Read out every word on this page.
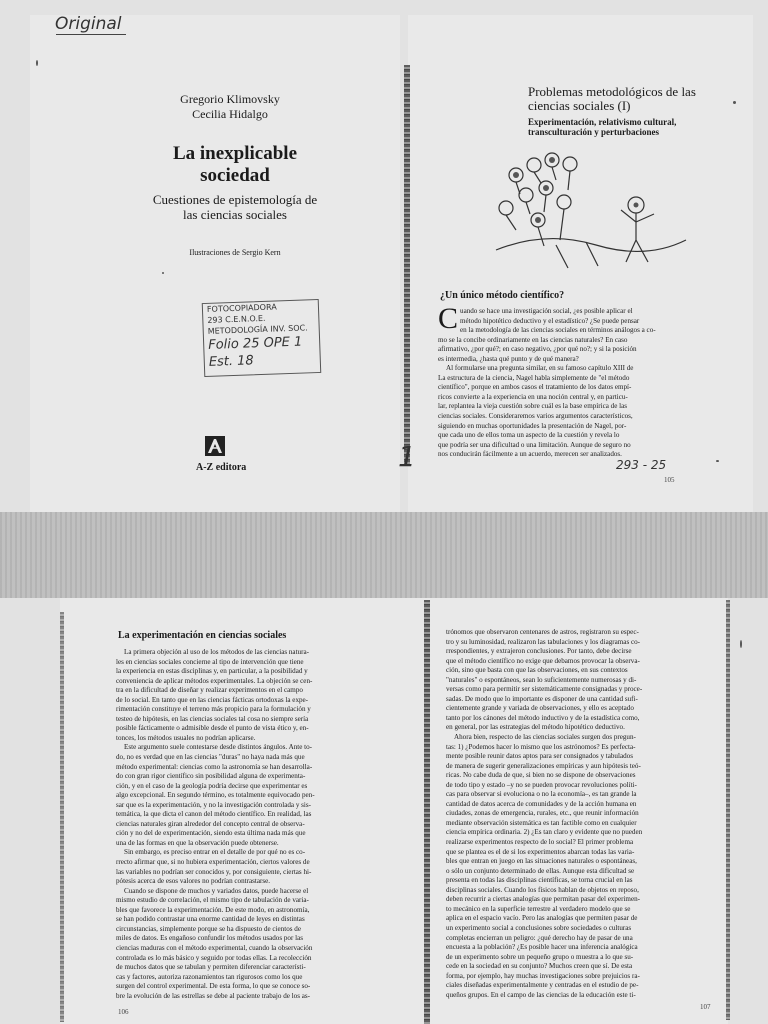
Original
Gregorio Klimovsky
Cecilia Hidalgo
La inexplicable sociedad
Cuestiones de epistemología de las ciencias sociales
Ilustraciones de Sergio Kern
FOTOCOPIADORA
293 C.E.N.O.E.
METODOLOGÍA INV. SOC.
Folio 25 OPE 1
Est. 18
1
A-Z editora
Problemas metodológicos de las ciencias sociales (I)
Experimentación, relativismo cultural, transculturación y perturbaciones
¿Un único método científico?
C uando se hace una investigación social, ¿es posible aplicar el
método hipotético deductivo y el estadístico? ¿Se puede pensar
en la metodología de las ciencias sociales en términos análogos a co-
mo se la concibe ordinariamente en las ciencias naturales? En caso
afirmativo, ¿por qué?; en caso negativo, ¿por qué no?; y si la posición
es intermedia, ¿hasta qué punto y de qué manera?
Al formularse una pregunta similar, en su famoso capítulo XIII de
La estructura de la ciencia, Nagel habla simplemente de "el método
científico", porque en ambos casos el tratamiento de los datos empí-
ricos convierte a la experiencia en una noción central y, en particu-
lar, replantea la vieja cuestión sobre cuál es la base empírica de las
ciencias sociales. Consideraremos varios argumentos característicos,
siguiendo en muchas oportunidades la presentación de Nagel, por-
que cada uno de ellos toma un aspecto de la cuestión y revela lo
que podría ser una dificultad o una limitación. Aunque de seguro no
nos conducirán fácilmente a un acuerdo, merecen ser analizados.
293 - 25
105
La experimentación en ciencias sociales
La primera objeción al uso de los métodos de las ciencias natura-
les en ciencias sociales concierne al tipo de intervención que tiene
la experiencia en estas disciplinas y, en particular, a la posibilidad y
conveniencia de aplicar métodos experimentales. La objeción se cen-
tra en la dificultad de diseñar y realizar experimentos en el campo
de lo social. En tanto que en las ciencias fácticas ortodoxas la expe-
rimentación constituye el terreno más propicio para la formulación y
testeo de hipótesis, en las ciencias sociales tal cosa no siempre sería
posible fácticamente o admisible desde el punto de vista ético y, en-
tonces, los métodos usuales no podrían aplicarse.
Este argumento suele contestarse desde distintos ángulos. Ante to-
do, no es verdad que en las ciencias "duras" no haya nada más que
método experimental: ciencias como la astronomía se han desarrolla-
do con gran rigor científico sin posibilidad alguna de experimenta-
ción, y en el caso de la geología podría decirse que experimentar es
algo excepcional. En segundo término, es totalmente equivocado pen-
sar que es la experimentación, y no la investigación controlada y sis-
temática, la que dicta el canon del método científico. En realidad, las
ciencias naturales giran alrededor del concepto central de observa-
ción y no del de experimentación, siendo esta última nada más que
una de las formas en que la observación puede obtenerse.
Sin embargo, es preciso entrar en el detalle de por qué no es co-
rrecto afirmar que, si no hubiera experimentación, ciertos valores de
las variables no podrían ser conocidos y, por consiguiente, ciertas hi-
pótesis acerca de esos valores no podrían contrastarse.
Cuando se dispone de muchos y variados datos, puede hacerse el
mismo estudio de correlación, el mismo tipo de tabulación de varia-
bles que favorece la experimentación. De este modo, en astronomía,
se han podido contrastar una enorme cantidad de leyes en distintas
circunstancias, simplemente porque se ha dispuesto de cientos de
miles de datos. Es engañoso confundir los métodos usados por las
ciencias maduras con el método experimental, cuando la observación
controlada es lo más básico y seguido por todas ellas. La recolección
de muchos datos que se tabulan y permiten diferenciar característi-
cas y factores, autoriza razonamientos tan rigurosos como los que
surgen del control experimental. De esta forma, lo que se conoce so-
bre la evolución de las estrellas se debe al paciente trabajo de los as-
106
trónomos que observaron centenares de astros, registraron su espec-
tro y su luminosidad, realizaron las tabulaciones y los diagramas co-
rrespondientes, y extrajeron conclusiones. Por tanto, debe decirse
que el método científico no exige que debamos provocar la observa-
ción, sino que basta con que las observaciones, en sus contextos
"naturales" o espontáneos, sean lo suficientemente numerosas y di-
versas como para permitir ser sistemáticamente consignadas y proce-
sadas. De modo que lo importante es disponer de una cantidad sufi-
cientemente grande y variada de observaciones, y ello es aceptado
tanto por los cánones del método inductivo y de la estadística como,
en general, por las estrategias del método hipotético deductivo.
Ahora bien, respecto de las ciencias sociales surgen dos pregun-
tas: 1) ¿Podemos hacer lo mismo que los astrónomos? Es perfecta-
mente posible reunir datos aptos para ser consignados y tabulados
de manera de sugerir generalizaciones empíricas y aun hipótesis teó-
ricas. No cabe duda de que, si bien no se dispone de observaciones
de todo tipo y estado –y no se pueden provocar revoluciones políti-
cas para observar si evoluciona o no la economía–, es tan grande la
cantidad de datos acerca de comunidades y de la acción humana en
ciudades, zonas de emergencia, rurales, etc., que reunir información
mediante observación sistemática es tan factible como en cualquier
ciencia empírica ordinaria. 2) ¿Es tan claro y evidente que no pueden
realizarse experimentos respecto de lo social? El primer problema
que se plantea es el de si los experimentos abarcan todas las varia-
bles que entran en juego en las situaciones naturales o espontáneas,
o sólo un conjunto determinado de ellas. Aunque esta dificultad se
presenta en todas las disciplinas científicas, se torna crucial en las
disciplinas sociales. Cuando los físicos hablan de objetos en reposo,
deben recurrir a ciertas analogías que permitan pasar del experimen-
to mecánico en la superficie terrestre al verdadero modelo que se
aplica en el espacio vacío. Pero las analogías que permiten pasar de
un experimento social a conclusiones sobre sociedades o culturas
completas encierran un peligro: ¿qué derecho hay de pasar de una
encuesta a la población? ¿Es posible hacer una inferencia analógica
de un experimento sobre un pequeño grupo o muestra a lo que su-
cede en la sociedad en su conjunto? Muchos creen que sí. De esta
forma, por ejemplo, hay muchas investigaciones sobre prejuicios ra-
ciales diseñadas experimentalmente y centradas en el estudio de pe-
queños grupos. En el campo de las ciencias de la educación este ti-
107
